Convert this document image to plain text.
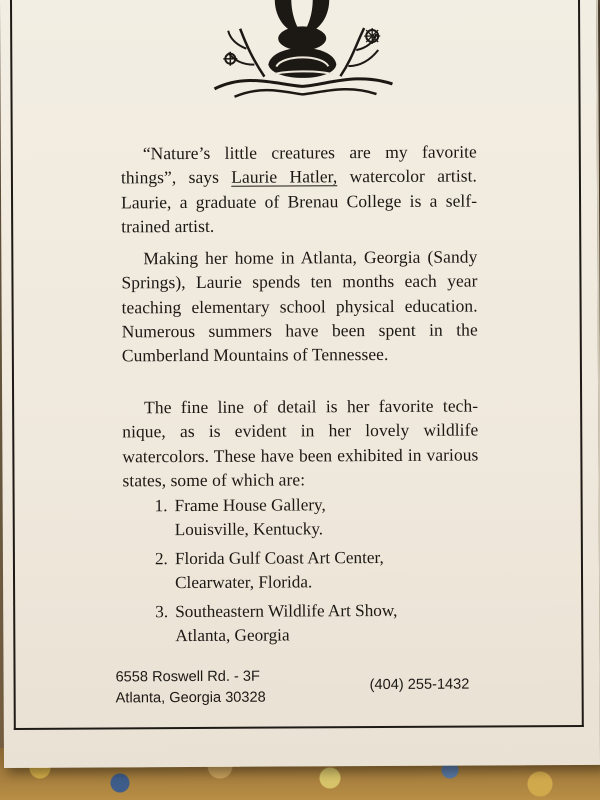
“Nature’s little creatures are my favorite things”, says Laurie Hatler, watercolor artist. Laurie, a graduate of Brenau College is a self-trained artist.

Making her home in Atlanta, Georgia (Sandy Springs), Laurie spends ten months each year teaching elementary school physical education. Numerous summers have been spent in the Cumberland Mountains of Tennessee.

The fine line of detail is her favorite tech-nique, as is evident in her lovely wildlife watercolors. These have been exhibited in various states, some of which are:

1. Frame House Gallery,
Louisville, Kentucky.
2. Florida Gulf Coast Art Center,
Clearwater, Florida.
3. Southeastern Wildlife Art Show,
Atlanta, Georgia
6558 Roswell Rd. - 3F
Atlanta, Georgia 30328
(404) 255-1432
